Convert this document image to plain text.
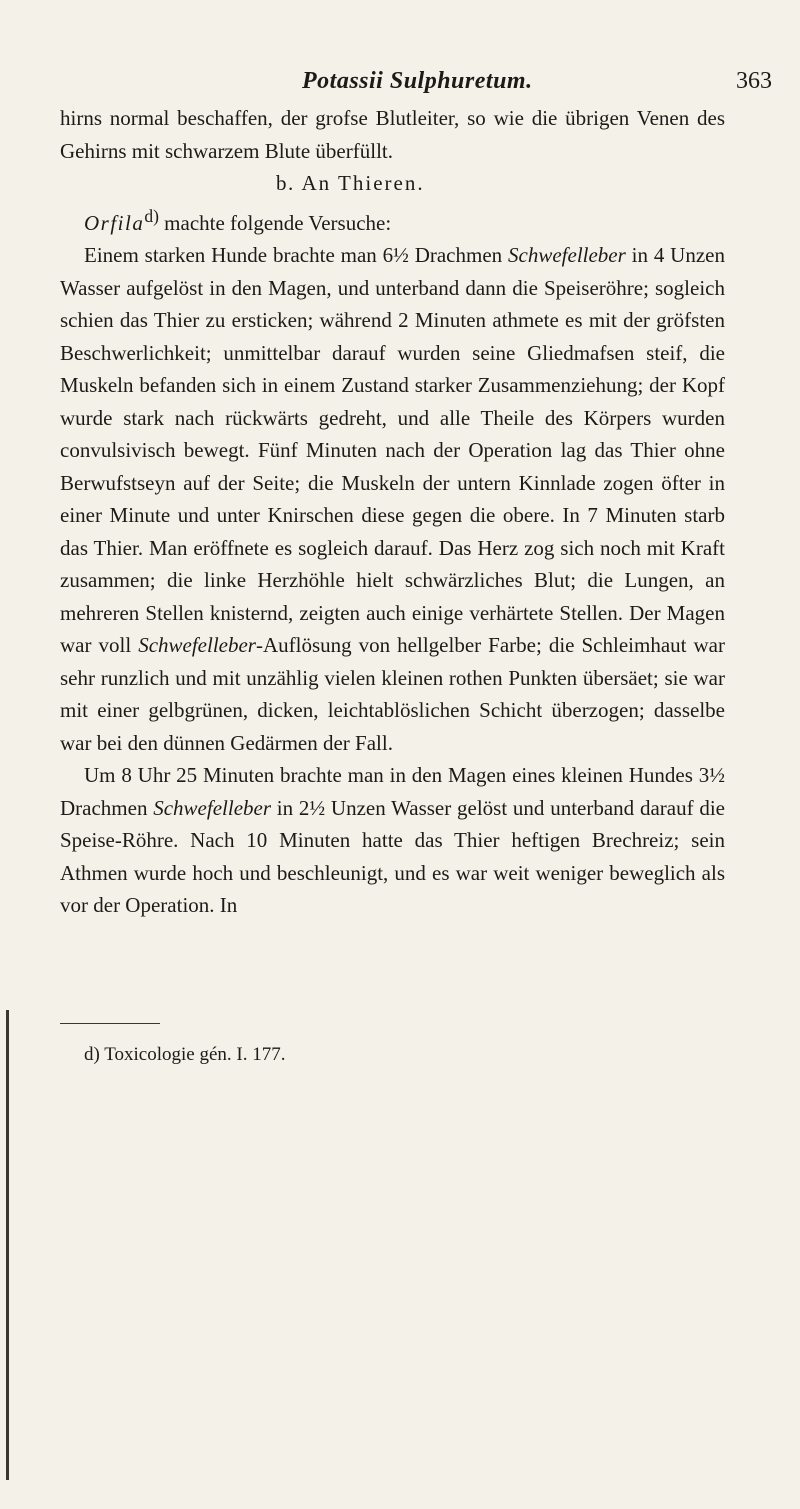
Potassii Sulphuretum.	363

hirns normal beschaffen, der grofse Blutleiter, so wie die übrigen Venen des Gehirns mit schwarzem Blute überfüllt.

b. An Thieren.

Orfila$^{d)}$ machte folgende Versuche:

Einem starken Hunde brachte man 6½ Drachmen Schwefelleber in 4 Unzen Wasser aufgelöst in den Magen, und unterband dann die Speiseröhre; sogleich schien das Thier zu ersticken; während 2 Minuten athmete es mit der gröfsten Beschwerlichkeit; unmittelbar darauf wurden seine Gliedmafsen steif, die Muskeln befanden sich in einem Zustand starker Zusammenziehung; der Kopf wurde stark nach rückwärts gedreht, und alle Theile des Körpers wurden convulsivisch bewegt. Fünf Minuten nach der Operation lag das Thier ohne Berwufstseyn auf der Seite; die Muskeln der untern Kinnlade zogen öfter in einer Minute und unter Knirschen diese gegen die obere. In 7 Minuten starb das Thier. Man eröffnete es sogleich darauf. Das Herz zog sich noch mit Kraft zusammen; die linke Herzhöhle hielt schwärzliches Blut; die Lungen, an mehreren Stellen knisternd, zeigten auch einige verhärtete Stellen. Der Magen war voll Schwefelleber-Auflösung von hellgelber Farbe; die Schleimhaut war sehr runzlich und mit unzählig vielen kleinen rothen Punkten übersäet; sie war mit einer gelbgrünen, dicken, leichtablöslichen Schicht überzogen; dasselbe war bei den dünnen Gedärmen der Fall.

Um 8 Uhr 25 Minuten brachte man in den Magen eines kleinen Hundes 3½ Drachmen Schwefelleber in 2½ Unzen Wasser gelöst und unterband darauf die Speise-Röhre. Nach 10 Minuten hatte das Thier heftigen Brechreiz; sein Athmen wurde hoch und beschleunigt, und es war weit weniger beweglich als vor der Operation. In

d) Toxicologie gén. I. 177.
